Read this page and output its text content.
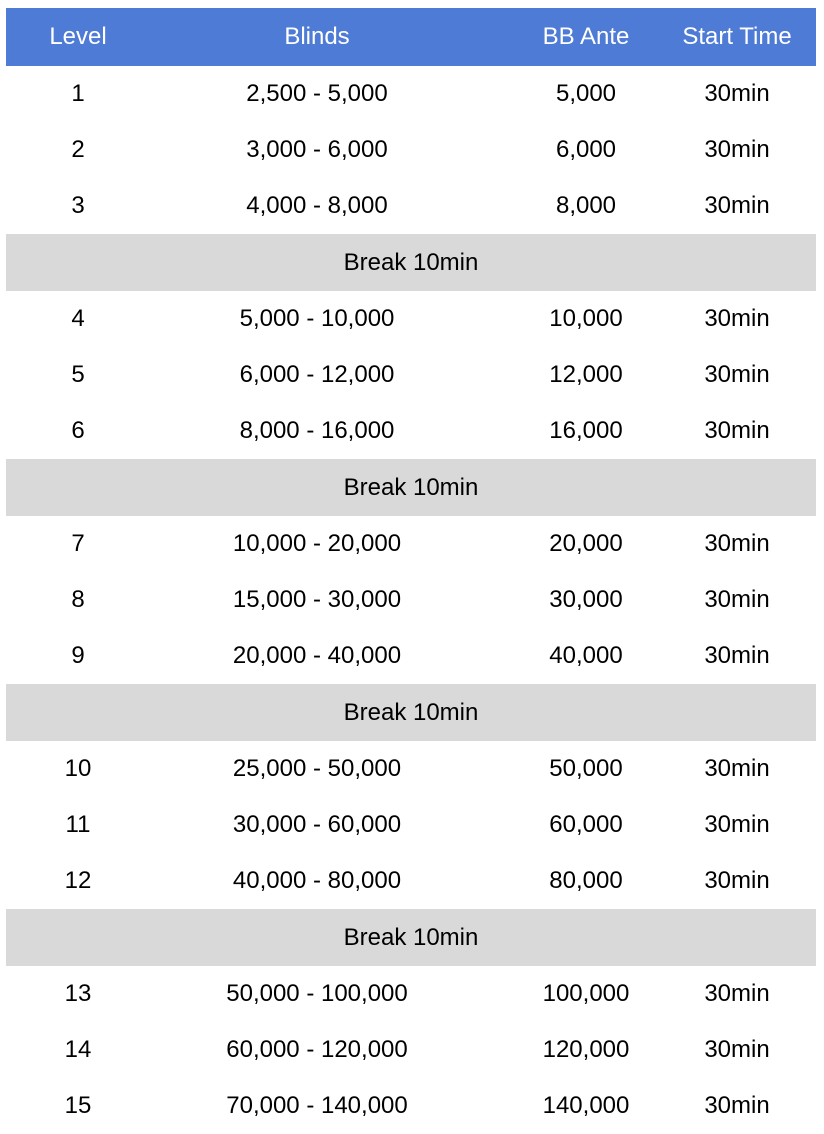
Level	Blinds	BB Ante	Start Time
1	2,500 - 5,000	5,000	30min
2	3,000 - 6,000	6,000	30min
3	4,000 - 8,000	8,000	30min
Break 10min
4	5,000 - 10,000	10,000	30min
5	6,000 - 12,000	12,000	30min
6	8,000 - 16,000	16,000	30min
Break 10min
7	10,000 - 20,000	20,000	30min
8	15,000 - 30,000	30,000	30min
9	20,000 - 40,000	40,000	30min
Break 10min
10	25,000 - 50,000	50,000	30min
11	30,000 - 60,000	60,000	30min
12	40,000 - 80,000	80,000	30min
Break 10min
13	50,000 - 100,000	100,000	30min
14	60,000 - 120,000	120,000	30min
15	70,000 - 140,000	140,000	30min
